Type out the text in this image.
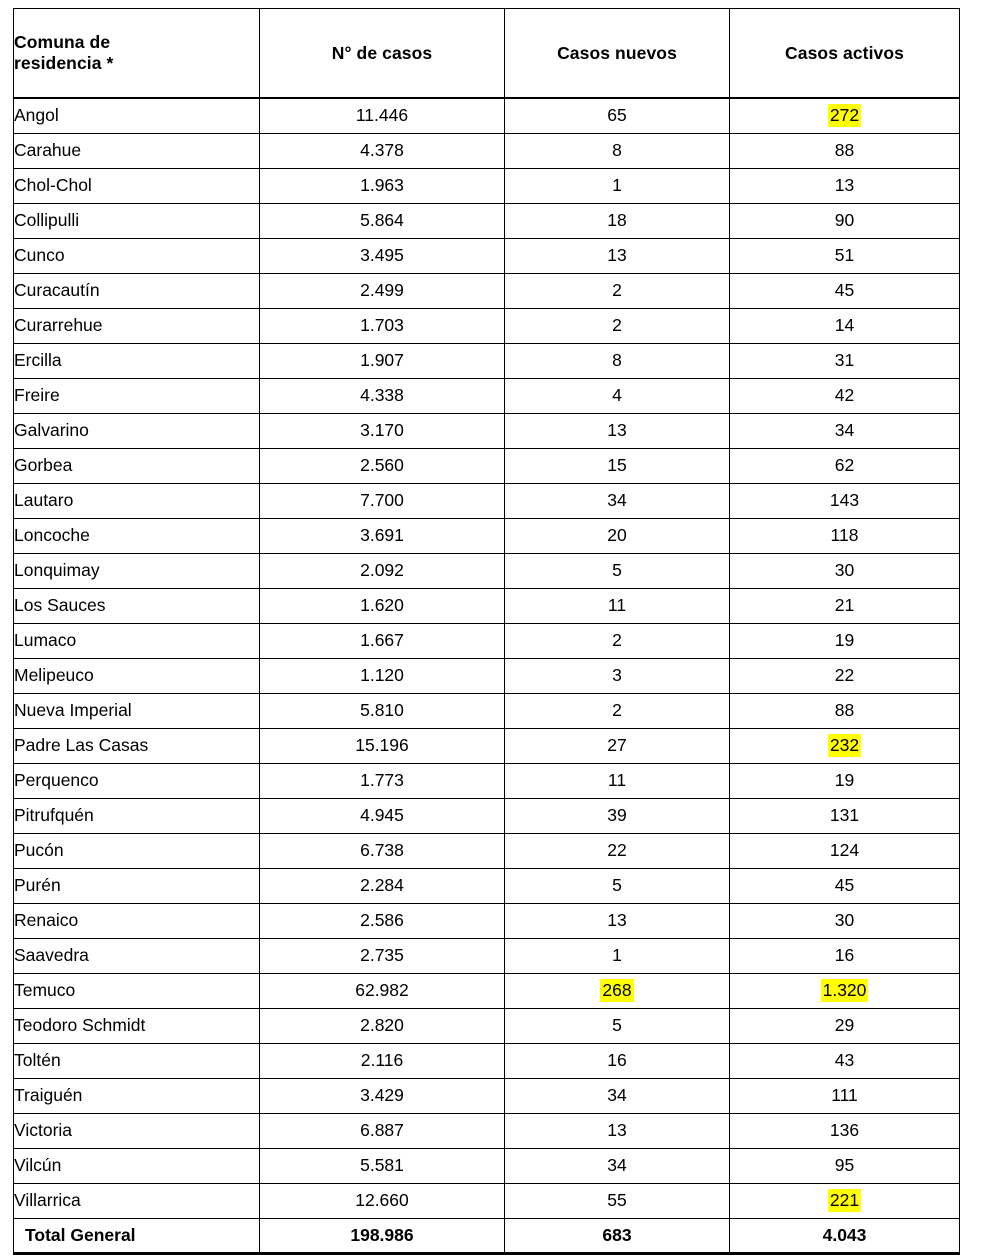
Comuna de
residencia *	N° de casos	Casos nuevos	Casos activos
Angol	11.446	65	272
Carahue	4.378	8	88
Chol-Chol	1.963	1	13
Collipulli	5.864	18	90
Cunco	3.495	13	51
Curacautín	2.499	2	45
Curarrehue	1.703	2	14
Ercilla	1.907	8	31
Freire	4.338	4	42
Galvarino	3.170	13	34
Gorbea	2.560	15	62
Lautaro	7.700	34	143
Loncoche	3.691	20	118
Lonquimay	2.092	5	30
Los Sauces	1.620	11	21
Lumaco	1.667	2	19
Melipeuco	1.120	3	22
Nueva Imperial	5.810	2	88
Padre Las Casas	15.196	27	232
Perquenco	1.773	11	19
Pitrufquén	4.945	39	131
Pucón	6.738	22	124
Purén	2.284	5	45
Renaico	2.586	13	30
Saavedra	2.735	1	16
Temuco	62.982	268	1.320
Teodoro Schmidt	2.820	5	29
Toltén	2.116	16	43
Traiguén	3.429	34	111
Victoria	6.887	13	136
Vilcún	5.581	34	95
Villarrica	12.660	55	221
Total General	198.986	683	4.043
